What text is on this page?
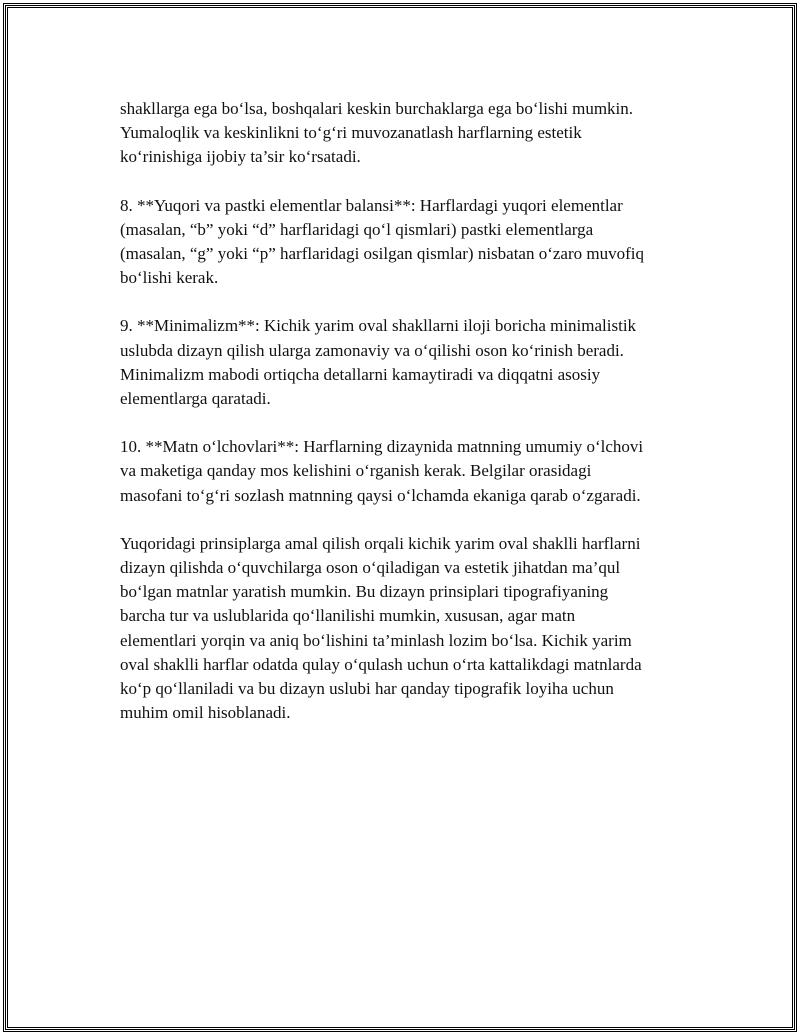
shakllarga ega bo‘lsa, boshqalari keskin burchaklarga ega bo‘lishi mumkin.
Yumaloqlik va keskinlikni to‘g‘ri muvozanatlash harflarning estetik
ko‘rinishiga ijobiy ta’sir ko‘rsatadi.

8. **Yuqori va pastki elementlar balansi**: Harflardagi yuqori elementlar
(masalan, “b” yoki “d” harflaridagi qo‘l qismlari) pastki elementlarga
(masalan, “g” yoki “p” harflaridagi osilgan qismlar) nisbatan o‘zaro muvofiq
bo‘lishi kerak.

9. **Minimalizm**: Kichik yarim oval shakllarni iloji boricha minimalistik
uslubda dizayn qilish ularga zamonaviy va o‘qilishi oson ko‘rinish beradi.
Minimalizm mabodi ortiqcha detallarni kamaytiradi va diqqatni asosiy
elementlarga qaratadi.

10. **Matn o‘lchovlari**: Harflarning dizaynida matnning umumiy o‘lchovi
va maketiga qanday mos kelishini o‘rganish kerak. Belgilar orasidagi
masofani to‘g‘ri sozlash matnning qaysi o‘lchamda ekaniga qarab o‘zgaradi.

Yuqoridagi prinsiplarga amal qilish orqali kichik yarim oval shaklli harflarni
dizayn qilishda o‘quvchilarga oson o‘qiladigan va estetik jihatdan ma’qul
bo‘lgan matnlar yaratish mumkin. Bu dizayn prinsiplari tipografiyaning
barcha tur va uslublarida qo‘llanilishi mumkin, xususan, agar matn
elementlari yorqin va aniq bo‘lishini ta’minlash lozim bo‘lsa. Kichik yarim
oval shaklli harflar odatda qulay o‘qulash uchun o‘rta kattalikdagi matnlarda
ko‘p qo‘llaniladi va bu dizayn uslubi har qanday tipografik loyiha uchun
muhim omil hisoblanadi.
